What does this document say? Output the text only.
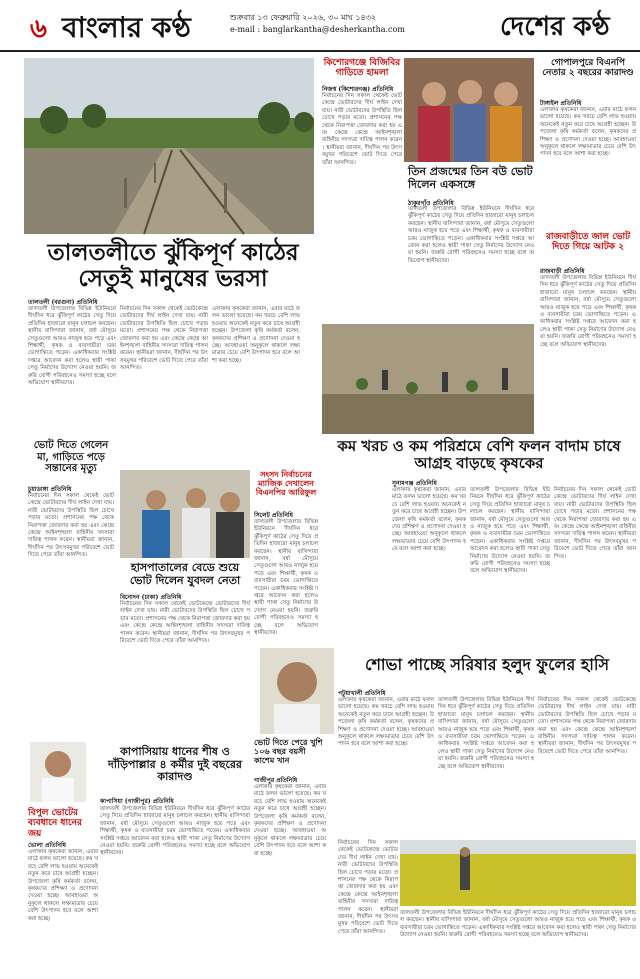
৬ বাংলার কণ্ঠ	শুক্রবার ১৩ ফেব্রুয়ারি ২০২৬, ৩০ মাঘ ১৪৩২
e-mail : banglarkantha@desherkantha.com	দেশের কণ্ঠ
তালতলীতে ঝুঁকিপূর্ণ কাঠের সেতুই মানুষের ভরসা
তালতলী (বরগুনা) প্রতিনিধি
তালতলী উপজেলার বিভিন্ন ইউনিয়নে দীর্ঘদিন ধরে ঝুঁকিপূর্ণ কাঠের সেতু দিয়ে প্রতিদিন হাজারো মানুষ চলাচল করছেন। স্থানীয় বাসিন্দারা জানান, বর্ষা মৌসুমে সেতুগুলো আরও নাজুক হয়ে পড়ে এবং শিক্ষার্থী, কৃষক ও ব্যবসায়ীরা চরম ভোগান্তিতে পড়েন। একাধিকবার সংশ্লিষ্ট দপ্তরে আবেদন করা হলেও স্থায়ী পাকা সেতু নির্মাণের উদ্যোগ নেওয়া হয়নি। জরুরি রোগী পরিবহনেও সমস্যা হচ্ছে বলে অভিযোগ স্থানীয়দের।
নির্বাচনের দিন সকাল থেকেই ভোটকেন্দ্রে ভোটারদের দীর্ঘ লাইন দেখা যায়। নারী ভোটারদের উপস্থিতি ছিল চোখে পড়ার মতো। প্রশাসনের পক্ষ থেকে নিরাপত্তা জোরদার করা হয় এবং কেন্দ্রে কেন্দ্রে আইনশৃঙ্খলা বাহিনীর সদস্যরা দায়িত্ব পালন করেন। স্থানীয়রা জানান, দীর্ঘদিন পর উৎসবমুখর পরিবেশে ভোট দিতে পেরে তাঁরা আনন্দিত।
এলাকার কৃষকেরা জানান, এবার মাঠে ফলন ভালো হয়েছে। কম খরচে বেশি লাভ হওয়ায় অনেকেই নতুন করে চাষে আগ্রহী হচ্ছেন। উপজেলা কৃষি কর্মকর্তা বলেন, কৃষকদের প্রশিক্ষণ ও প্রণোদনা দেওয়া হচ্ছে। আবহাওয়া অনুকূলে থাকলে লক্ষ্যমাত্রার চেয়ে বেশি উৎপাদন হবে বলে আশা করা হচ্ছে।
কিশোরগঞ্জে বিজিবির গাড়িতে হামলা
নিজস্ব (কিশোরগঞ্জ) প্রতিনিধি
নির্বাচনের দিন সকাল থেকেই ভোটকেন্দ্রে ভোটারদের দীর্ঘ লাইন দেখা যায়। নারী ভোটারদের উপস্থিতি ছিল চোখে পড়ার মতো। প্রশাসনের পক্ষ থেকে নিরাপত্তা জোরদার করা হয় এবং কেন্দ্রে কেন্দ্রে আইনশৃঙ্খলা বাহিনীর সদস্যরা দায়িত্ব পালন করেন। স্থানীয়রা জানান, দীর্ঘদিন পর উৎসবমুখর পরিবেশে ভোট দিতে পেরে তাঁরা আনন্দিত।
তিন প্রজন্মের তিন বউ ভোট দিলেন একসঙ্গে
ঠাকুরগাঁও প্রতিনিধি
তালতলী উপজেলার বিভিন্ন ইউনিয়নে দীর্ঘদিন ধরে ঝুঁকিপূর্ণ কাঠের সেতু দিয়ে প্রতিদিন হাজারো মানুষ চলাচল করছেন। স্থানীয় বাসিন্দারা জানান, বর্ষা মৌসুমে সেতুগুলো আরও নাজুক হয়ে পড়ে এবং শিক্ষার্থী, কৃষক ও ব্যবসায়ীরা চরম ভোগান্তিতে পড়েন। একাধিকবার সংশ্লিষ্ট দপ্তরে আবেদন করা হলেও স্থায়ী পাকা সেতু নির্মাণের উদ্যোগ নেওয়া হয়নি। জরুরি রোগী পরিবহনেও সমস্যা হচ্ছে বলে অভিযোগ স্থানীয়দের।
গোপালপুরে বিএনপি নেতার ২ বছরের কারাদণ্ড
টাঙ্গাইল প্রতিনিধি
এলাকার কৃষকেরা জানান, এবার মাঠে ফলন ভালো হয়েছে। কম খরচে বেশি লাভ হওয়ায় অনেকেই নতুন করে চাষে আগ্রহী হচ্ছেন। উপজেলা কৃষি কর্মকর্তা বলেন, কৃষকদের প্রশিক্ষণ ও প্রণোদনা দেওয়া হচ্ছে। আবহাওয়া অনুকূলে থাকলে লক্ষ্যমাত্রার চেয়ে বেশি উৎপাদন হবে বলে আশা করা হচ্ছে।
রাজবাড়ীতে জাল ভোট দিতে গিয়ে আটক ২
রাজবাড়ী প্রতিনিধি
তালতলী উপজেলার বিভিন্ন ইউনিয়নে দীর্ঘদিন ধরে ঝুঁকিপূর্ণ কাঠের সেতু দিয়ে প্রতিদিন হাজারো মানুষ চলাচল করছেন। স্থানীয় বাসিন্দারা জানান, বর্ষা মৌসুমে সেতুগুলো আরও নাজুক হয়ে পড়ে এবং শিক্ষার্থী, কৃষক ও ব্যবসায়ীরা চরম ভোগান্তিতে পড়েন। একাধিকবার সংশ্লিষ্ট দপ্তরে আবেদন করা হলেও স্থায়ী পাকা সেতু নির্মাণের উদ্যোগ নেওয়া হয়নি। জরুরি রোগী পরিবহনেও সমস্যা হচ্ছে বলে অভিযোগ স্থানীয়দের।
কম খরচ ও কম পরিশ্রমে বেশি ফলন বাদাম চাষে আগ্রহ বাড়ছে কৃষকের
সুনামগঞ্জ প্রতিনিধি
এলাকার কৃষকেরা জানান, এবার মাঠে ফলন ভালো হয়েছে। কম খরচে বেশি লাভ হওয়ায় অনেকেই নতুন করে চাষে আগ্রহী হচ্ছেন। উপজেলা কৃষি কর্মকর্তা বলেন, কৃষকদের প্রশিক্ষণ ও প্রণোদনা দেওয়া হচ্ছে। আবহাওয়া অনুকূলে থাকলে লক্ষ্যমাত্রার চেয়ে বেশি উৎপাদন হবে বলে আশা করা হচ্ছে।
তালতলী উপজেলার বিভিন্ন ইউনিয়নে দীর্ঘদিন ধরে ঝুঁকিপূর্ণ কাঠের সেতু দিয়ে প্রতিদিন হাজারো মানুষ চলাচল করছেন। স্থানীয় বাসিন্দারা জানান, বর্ষা মৌসুমে সেতুগুলো আরও নাজুক হয়ে পড়ে এবং শিক্ষার্থী, কৃষক ও ব্যবসায়ীরা চরম ভোগান্তিতে পড়েন। একাধিকবার সংশ্লিষ্ট দপ্তরে আবেদন করা হলেও স্থায়ী পাকা সেতু নির্মাণের উদ্যোগ নেওয়া হয়নি। জরুরি রোগী পরিবহনেও সমস্যা হচ্ছে বলে অভিযোগ স্থানীয়দের।
নির্বাচনের দিন সকাল থেকেই ভোটকেন্দ্রে ভোটারদের দীর্ঘ লাইন দেখা যায়। নারী ভোটারদের উপস্থিতি ছিল চোখে পড়ার মতো। প্রশাসনের পক্ষ থেকে নিরাপত্তা জোরদার করা হয় এবং কেন্দ্রে কেন্দ্রে আইনশৃঙ্খলা বাহিনীর সদস্যরা দায়িত্ব পালন করেন। স্থানীয়রা জানান, দীর্ঘদিন পর উৎসবমুখর পরিবেশে ভোট দিতে পেরে তাঁরা আনন্দিত।
ভোট দিতে গেলেন মা, গাড়িতে পড়ে সন্তানের মৃত্যু
চুয়াডাঙ্গা প্রতিনিধি
নির্বাচনের দিন সকাল থেকেই ভোটকেন্দ্রে ভোটারদের দীর্ঘ লাইন দেখা যায়। নারী ভোটারদের উপস্থিতি ছিল চোখে পড়ার মতো। প্রশাসনের পক্ষ থেকে নিরাপত্তা জোরদার করা হয় এবং কেন্দ্রে কেন্দ্রে আইনশৃঙ্খলা বাহিনীর সদস্যরা দায়িত্ব পালন করেন। স্থানীয়রা জানান, দীর্ঘদিন পর উৎসবমুখর পরিবেশে ভোট দিতে পেরে তাঁরা আনন্দিত।
সংসদ নির্বাচনের ম্যাজিক দেখালেন বিএনপির আরিফুল
সিলেট প্রতিনিধি
তালতলী উপজেলার বিভিন্ন ইউনিয়নে দীর্ঘদিন ধরে ঝুঁকিপূর্ণ কাঠের সেতু দিয়ে প্রতিদিন হাজারো মানুষ চলাচল করছেন। স্থানীয় বাসিন্দারা জানান, বর্ষা মৌসুমে সেতুগুলো আরও নাজুক হয়ে পড়ে এবং শিক্ষার্থী, কৃষক ও ব্যবসায়ীরা চরম ভোগান্তিতে পড়েন। একাধিকবার সংশ্লিষ্ট দপ্তরে আবেদন করা হলেও স্থায়ী পাকা সেতু নির্মাণের উদ্যোগ নেওয়া হয়নি। জরুরি রোগী পরিবহনেও সমস্যা হচ্ছে বলে অভিযোগ স্থানীয়দের।
হাসপাতালের বেডে শুয়ে ভোট দিলেন যুবদল নেতা
বিনোদন (ঢাকা) প্রতিনিধি
নির্বাচনের দিন সকাল থেকেই ভোটকেন্দ্রে ভোটারদের দীর্ঘ লাইন দেখা যায়। নারী ভোটারদের উপস্থিতি ছিল চোখে পড়ার মতো। প্রশাসনের পক্ষ থেকে নিরাপত্তা জোরদার করা হয় এবং কেন্দ্রে কেন্দ্রে আইনশৃঙ্খলা বাহিনীর সদস্যরা দায়িত্ব পালন করেন। স্থানীয়রা জানান, দীর্ঘদিন পর উৎসবমুখর পরিবেশে ভোট দিতে পেরে তাঁরা আনন্দিত।
ভোট দিতে পেরে খুশি ১০৬ বছর বয়সী কাশেম খান
গাজীপুর প্রতিনিধি
এলাকার কৃষকেরা জানান, এবার মাঠে ফলন ভালো হয়েছে। কম খরচে বেশি লাভ হওয়ায় অনেকেই নতুন করে চাষে আগ্রহী হচ্ছেন। উপজেলা কৃষি কর্মকর্তা বলেন, কৃষকদের প্রশিক্ষণ ও প্রণোদনা দেওয়া হচ্ছে। আবহাওয়া অনুকূলে থাকলে লক্ষ্যমাত্রার চেয়ে বেশি উৎপাদন হবে বলে আশা করা হচ্ছে।
শোভা পাচ্ছে সরিষার হলুদ ফুলের হাসি
পটুয়াখালী প্রতিনিধি
এলাকার কৃষকেরা জানান, এবার মাঠে ফলন ভালো হয়েছে। কম খরচে বেশি লাভ হওয়ায় অনেকেই নতুন করে চাষে আগ্রহী হচ্ছেন। উপজেলা কৃষি কর্মকর্তা বলেন, কৃষকদের প্রশিক্ষণ ও প্রণোদনা দেওয়া হচ্ছে। আবহাওয়া অনুকূলে থাকলে লক্ষ্যমাত্রার চেয়ে বেশি উৎপাদন হবে বলে আশা করা হচ্ছে।
তালতলী উপজেলার বিভিন্ন ইউনিয়নে দীর্ঘদিন ধরে ঝুঁকিপূর্ণ কাঠের সেতু দিয়ে প্রতিদিন হাজারো মানুষ চলাচল করছেন। স্থানীয় বাসিন্দারা জানান, বর্ষা মৌসুমে সেতুগুলো আরও নাজুক হয়ে পড়ে এবং শিক্ষার্থী, কৃষক ও ব্যবসায়ীরা চরম ভোগান্তিতে পড়েন। একাধিকবার সংশ্লিষ্ট দপ্তরে আবেদন করা হলেও স্থায়ী পাকা সেতু নির্মাণের উদ্যোগ নেওয়া হয়নি। জরুরি রোগী পরিবহনেও সমস্যা হচ্ছে বলে অভিযোগ স্থানীয়দের।
নির্বাচনের দিন সকাল থেকেই ভোটকেন্দ্রে ভোটারদের দীর্ঘ লাইন দেখা যায়। নারী ভোটারদের উপস্থিতি ছিল চোখে পড়ার মতো। প্রশাসনের পক্ষ থেকে নিরাপত্তা জোরদার করা হয় এবং কেন্দ্রে কেন্দ্রে আইনশৃঙ্খলা বাহিনীর সদস্যরা দায়িত্ব পালন করেন। স্থানীয়রা জানান, দীর্ঘদিন পর উৎসবমুখর পরিবেশে ভোট দিতে পেরে তাঁরা আনন্দিত।
নির্বাচনের দিন সকাল থেকেই ভোটকেন্দ্রে ভোটারদের দীর্ঘ লাইন দেখা যায়। নারী ভোটারদের উপস্থিতি ছিল চোখে পড়ার মতো। প্রশাসনের পক্ষ থেকে নিরাপত্তা জোরদার করা হয় এবং কেন্দ্রে কেন্দ্রে আইনশৃঙ্খলা বাহিনীর সদস্যরা দায়িত্ব পালন করেন। স্থানীয়রা জানান, দীর্ঘদিন পর উৎসবমুখর পরিবেশে ভোট দিতে পেরে তাঁরা আনন্দিত।
তালতলী উপজেলার বিভিন্ন ইউনিয়নে দীর্ঘদিন ধরে ঝুঁকিপূর্ণ কাঠের সেতু দিয়ে প্রতিদিন হাজারো মানুষ চলাচল করছেন। স্থানীয় বাসিন্দারা জানান, বর্ষা মৌসুমে সেতুগুলো আরও নাজুক হয়ে পড়ে এবং শিক্ষার্থী, কৃষক ও ব্যবসায়ীরা চরম ভোগান্তিতে পড়েন। একাধিকবার সংশ্লিষ্ট দপ্তরে আবেদন করা হলেও স্থায়ী পাকা সেতু নির্মাণের উদ্যোগ নেওয়া হয়নি। জরুরি রোগী পরিবহনেও সমস্যা হচ্ছে বলে অভিযোগ স্থানীয়দের।
কাপাসিয়ায় ধানের শীষ ও দাঁড়িপাল্লার ৪ কর্মীর দুই বছরের কারাদণ্ড
কাপাসিয়া (গাজীপুর) প্রতিনিধি
তালতলী উপজেলার বিভিন্ন ইউনিয়নে দীর্ঘদিন ধরে ঝুঁকিপূর্ণ কাঠের সেতু দিয়ে প্রতিদিন হাজারো মানুষ চলাচল করছেন। স্থানীয় বাসিন্দারা জানান, বর্ষা মৌসুমে সেতুগুলো আরও নাজুক হয়ে পড়ে এবং শিক্ষার্থী, কৃষক ও ব্যবসায়ীরা চরম ভোগান্তিতে পড়েন। একাধিকবার সংশ্লিষ্ট দপ্তরে আবেদন করা হলেও স্থায়ী পাকা সেতু নির্মাণের উদ্যোগ নেওয়া হয়নি। জরুরি রোগী পরিবহনেও সমস্যা হচ্ছে বলে অভিযোগ স্থানীয়দের।
বিপুল ভোটের ব্যবধানে ধানের জয়
ভোলা প্রতিনিধি
এলাকার কৃষকেরা জানান, এবার মাঠে ফলন ভালো হয়েছে। কম খরচে বেশি লাভ হওয়ায় অনেকেই নতুন করে চাষে আগ্রহী হচ্ছেন। উপজেলা কৃষি কর্মকর্তা বলেন, কৃষকদের প্রশিক্ষণ ও প্রণোদনা দেওয়া হচ্ছে। আবহাওয়া অনুকূলে থাকলে লক্ষ্যমাত্রার চেয়ে বেশি উৎপাদন হবে বলে আশা করা হচ্ছে।
